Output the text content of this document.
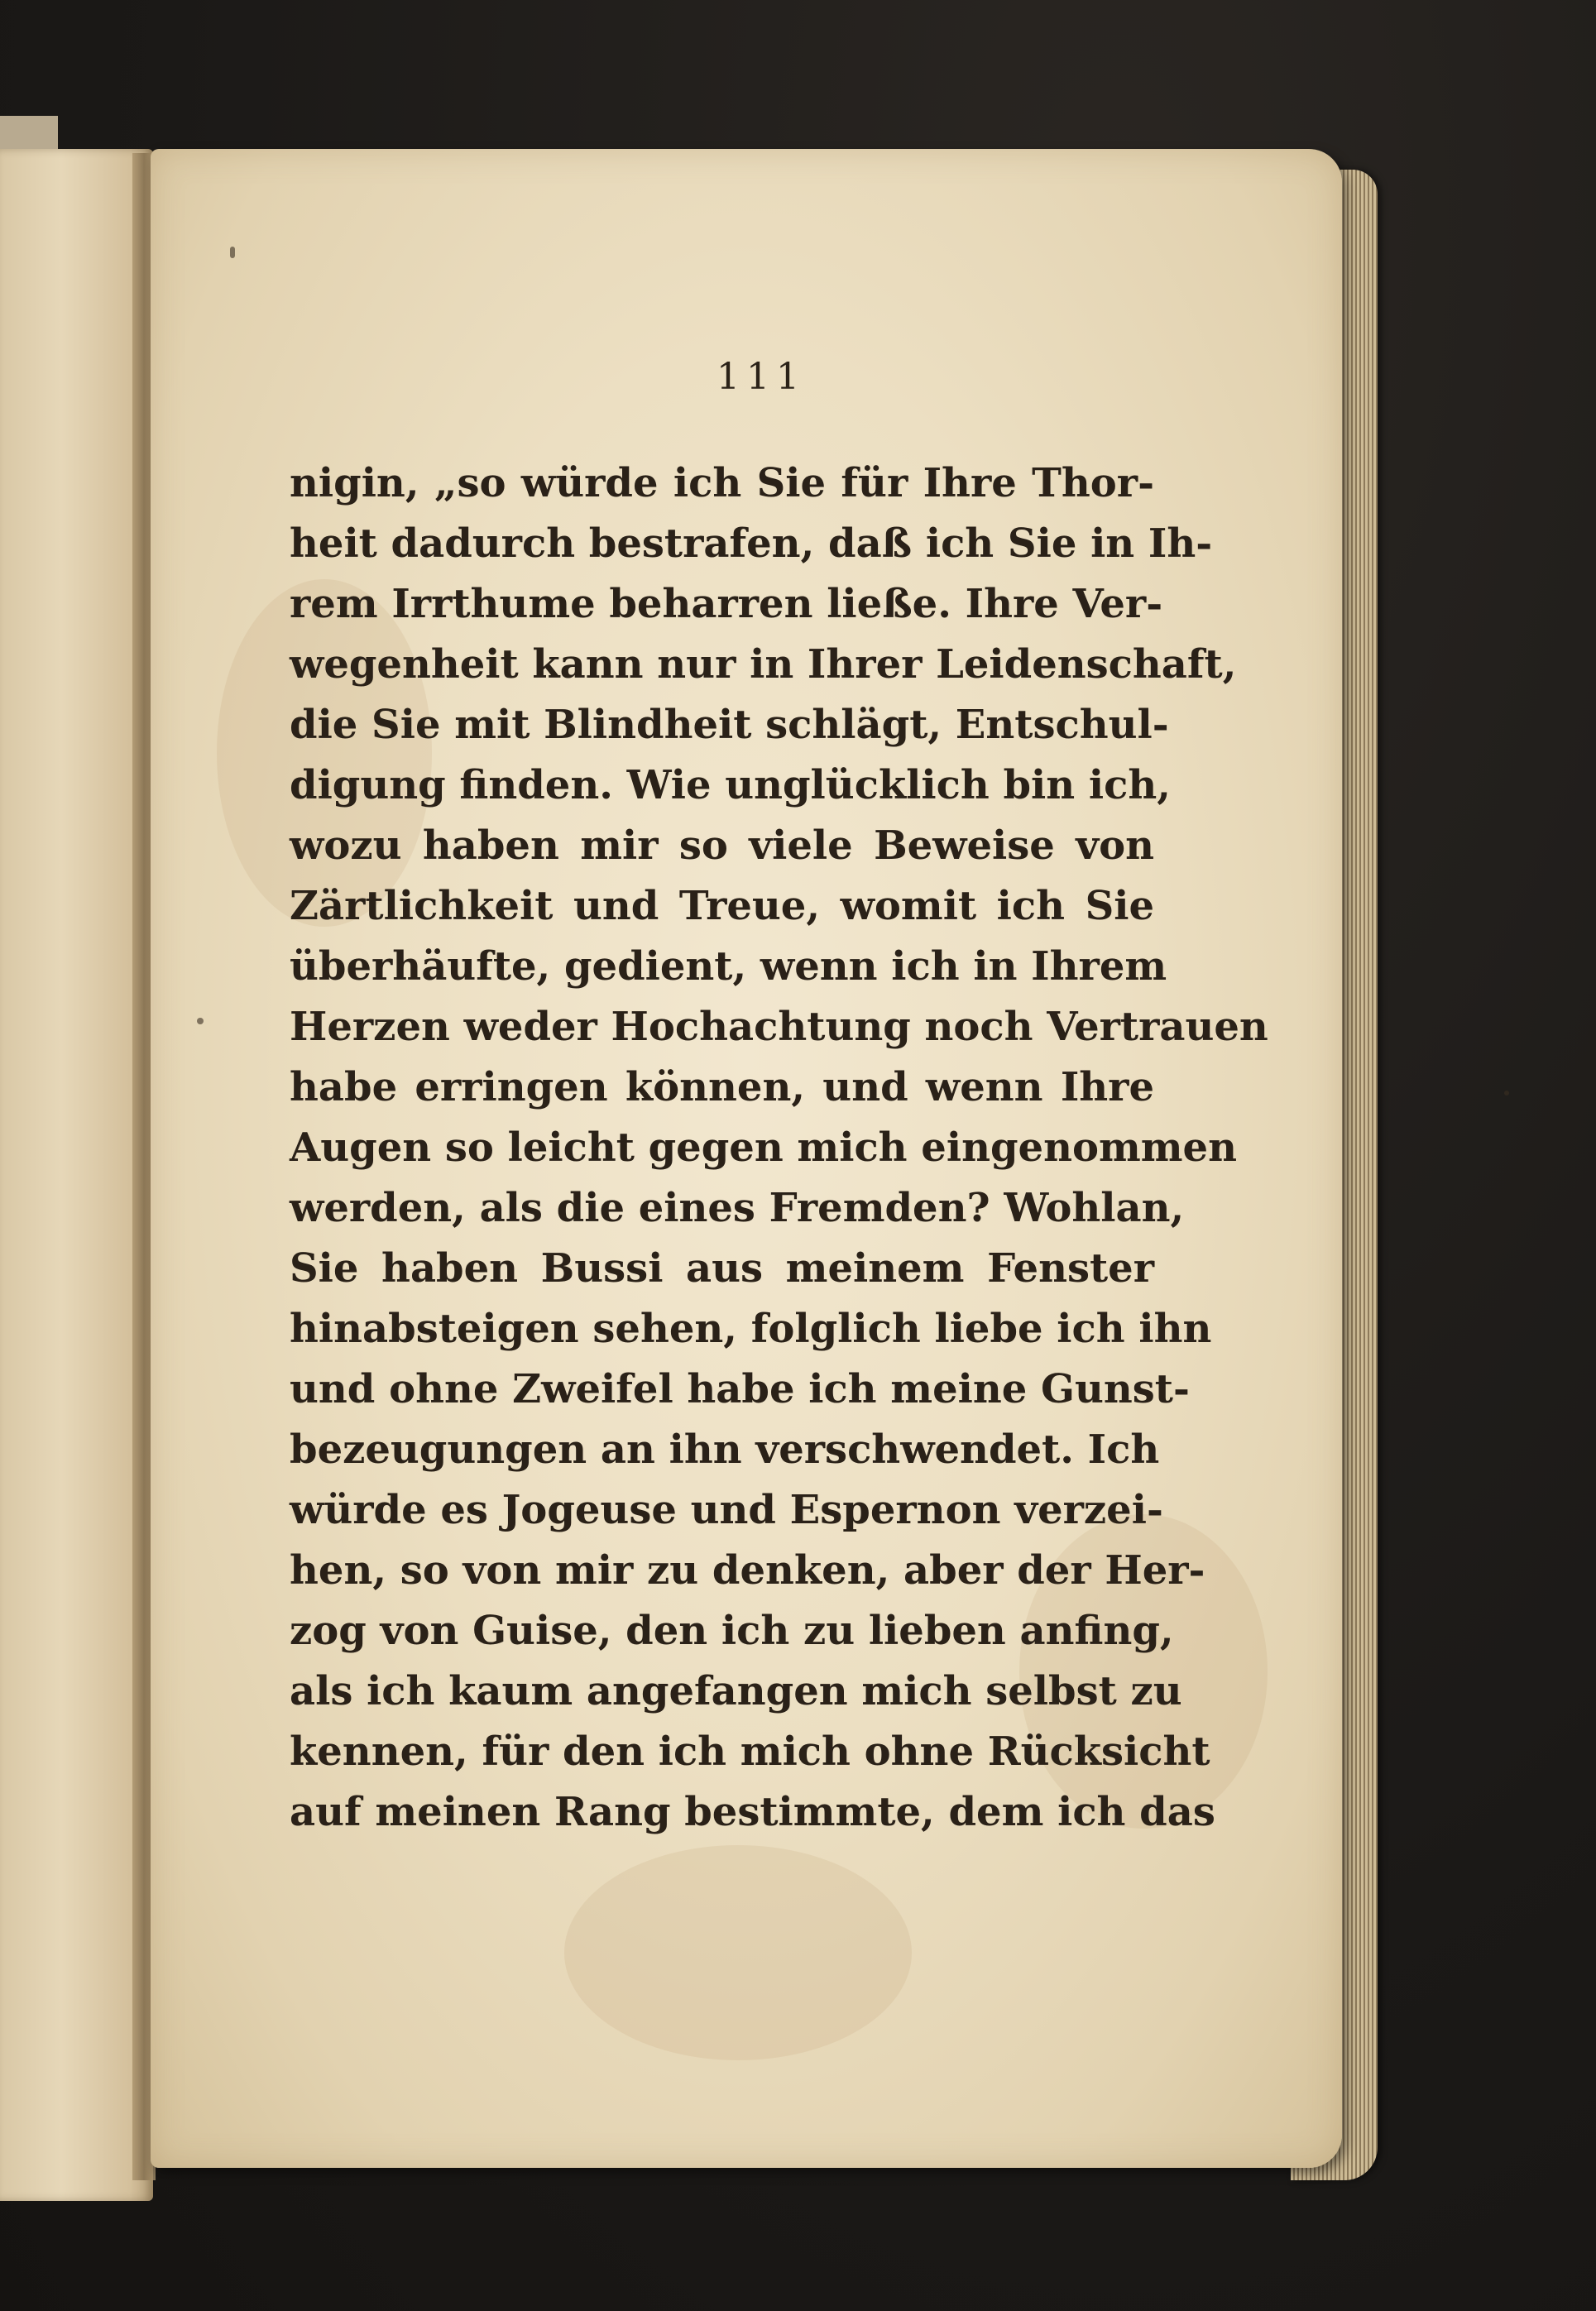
111
nigin, „so würde ich Sie für Ihre Thor-
heit dadurch bestrafen, daß ich Sie in Ih-
rem Irrthume beharren ließe. Ihre Ver-
wegenheit kann nur in Ihrer Leidenschaft,
die Sie mit Blindheit schlägt, Entschul-
digung finden. Wie unglücklich bin ich,
wozu haben mir so viele Beweise von
Zärtlichkeit und Treue, womit ich Sie
überhäufte, gedient, wenn ich in Ihrem
Herzen weder Hochachtung noch Vertrauen
habe erringen können, und wenn Ihre
Augen so leicht gegen mich eingenommen
werden, als die eines Fremden? Wohlan,
Sie haben Bussi aus meinem Fenster
hinabsteigen sehen, folglich liebe ich ihn
und ohne Zweifel habe ich meine Gunst-
bezeugungen an ihn verschwendet. Ich
würde es Jogeuse und Espernon verzei-
hen, so von mir zu denken, aber der Her-
zog von Guise, den ich zu lieben anfing,
als ich kaum angefangen mich selbst zu
kennen, für den ich mich ohne Rücksicht
auf meinen Rang bestimmte, dem ich das
